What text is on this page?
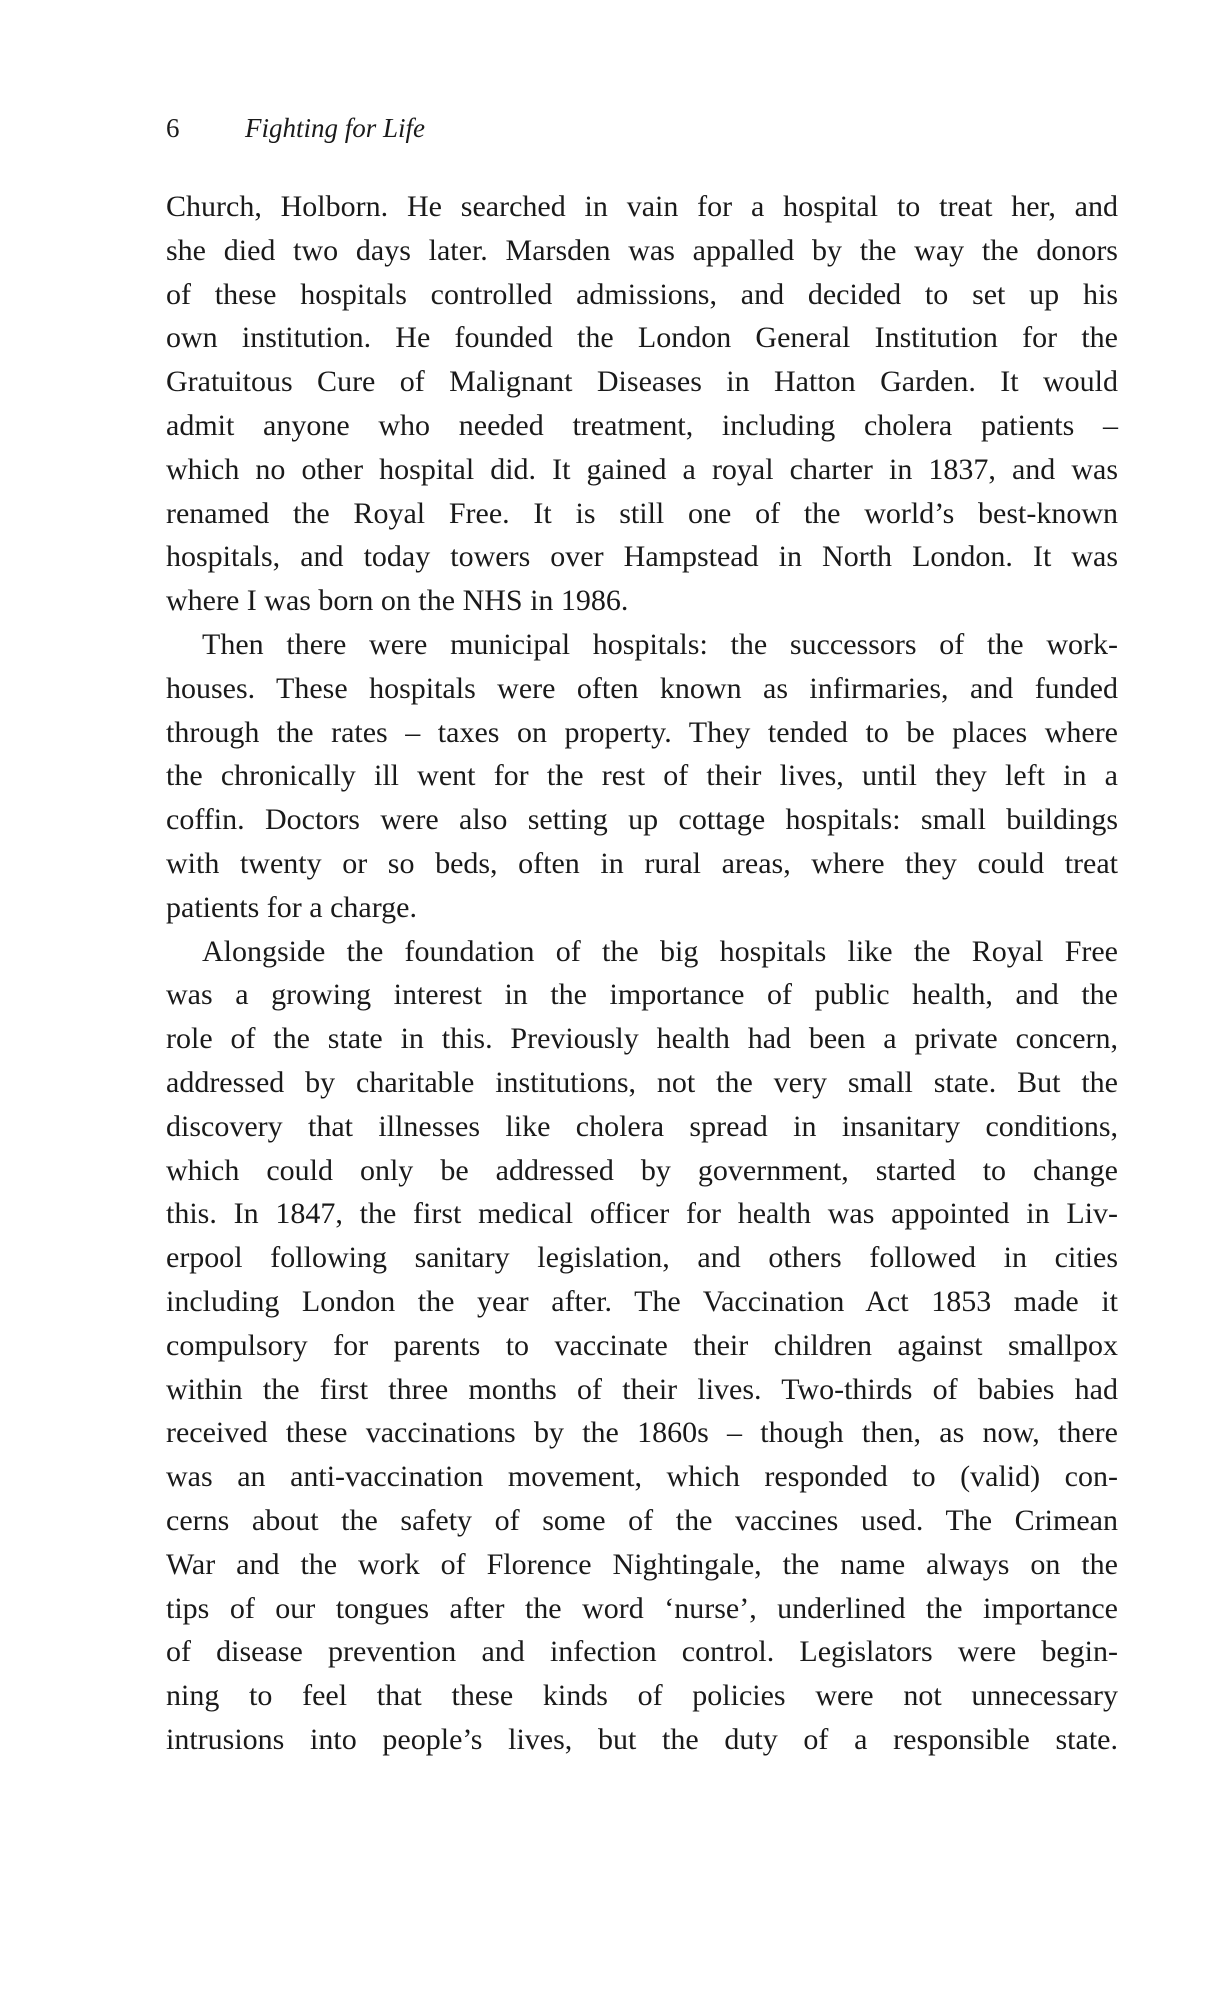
6 Fighting for Life

Church, Holborn. He searched in vain for a hospital to treat her, and
she died two days later. Marsden was appalled by the way the donors
of these hospitals controlled admissions, and decided to set up his
own institution. He founded the London General Institution for the
Gratuitous Cure of Malignant Diseases in Hatton Garden. It would
admit anyone who needed treatment, including cholera patients –
which no other hospital did. It gained a royal charter in 1837, and was
renamed the Royal Free. It is still one of the world’s best-known
hospitals, and today towers over Hampstead in North London. It was
where I was born on the NHS in 1986.

Then there were municipal hospitals: the successors of the work-
houses. These hospitals were often known as infirmaries, and funded
through the rates – taxes on property. They tended to be places where
the chronically ill went for the rest of their lives, until they left in a
coffin. Doctors were also setting up cottage hospitals: small buildings
with twenty or so beds, often in rural areas, where they could treat
patients for a charge.

Alongside the foundation of the big hospitals like the Royal Free
was a growing interest in the importance of public health, and the
role of the state in this. Previously health had been a private concern,
addressed by charitable institutions, not the very small state. But the
discovery that illnesses like cholera spread in insanitary conditions,
which could only be addressed by government, started to change
this. In 1847, the first medical officer for health was appointed in Liv-
erpool following sanitary legislation, and others followed in cities
including London the year after. The Vaccination Act 1853 made it
compulsory for parents to vaccinate their children against smallpox
within the first three months of their lives. Two-thirds of babies had
received these vaccinations by the 1860s – though then, as now, there
was an anti-vaccination movement, which responded to (valid) con-
cerns about the safety of some of the vaccines used. The Crimean
War and the work of Florence Nightingale, the name always on the
tips of our tongues after the word ‘nurse’, underlined the importance
of disease prevention and infection control. Legislators were begin-
ning to feel that these kinds of policies were not unnecessary
intrusions into people’s lives, but the duty of a responsible state.
